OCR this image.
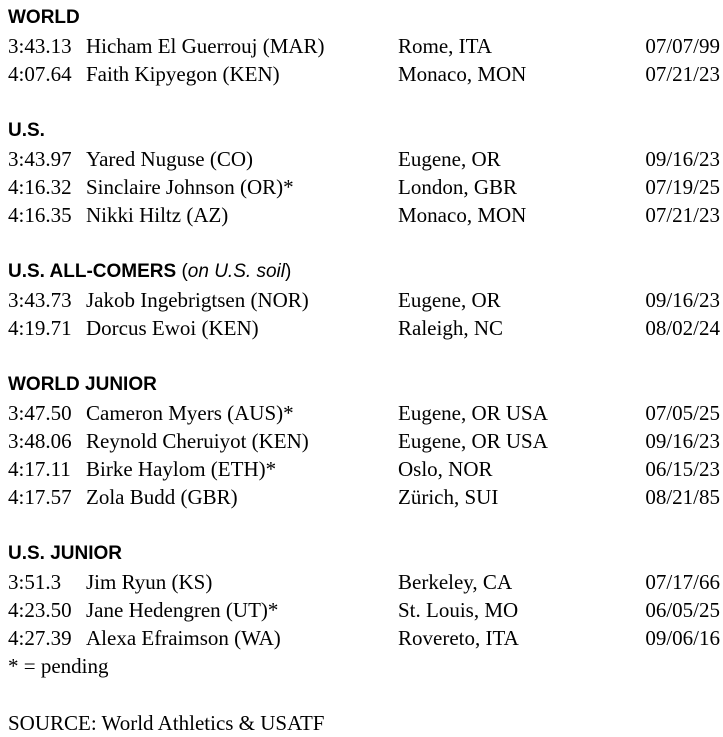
WORLD
3:43.13 Hicham El Guerrouj (MAR)	Rome, ITA	07/07/99
4:07.64 Faith Kipyegon (KEN)	Monaco, MON	07/21/23
U.S.
3:43.97 Yared Nuguse (CO)	Eugene, OR	09/16/23
4:16.32 Sinclaire Johnson (OR)*	London, GBR	07/19/25
4:16.35 Nikki Hiltz (AZ)	Monaco, MON	07/21/23
U.S. ALL-COMERS (on U.S. soil)
3:43.73 Jakob Ingebrigtsen (NOR)	Eugene, OR	09/16/23
4:19.71 Dorcus Ewoi (KEN)	Raleigh, NC	08/02/24
WORLD JUNIOR
3:47.50 Cameron Myers (AUS)*	Eugene, OR USA	07/05/25
3:48.06 Reynold Cheruiyot (KEN)	Eugene, OR USA	09/16/23
4:17.11 Birke Haylom (ETH)*	Oslo, NOR	06/15/23
4:17.57 Zola Budd (GBR)	Zürich, SUI	08/21/85
U.S. JUNIOR
3:51.3 Jim Ryun (KS)	Berkeley, CA	07/17/66
4:23.50 Jane Hedengren (UT)*	St. Louis, MO	06/05/25
4:27.39 Alexa Efraimson (WA)	Rovereto, ITA	09/06/16
* = pending
SOURCE: World Athletics & USATF
